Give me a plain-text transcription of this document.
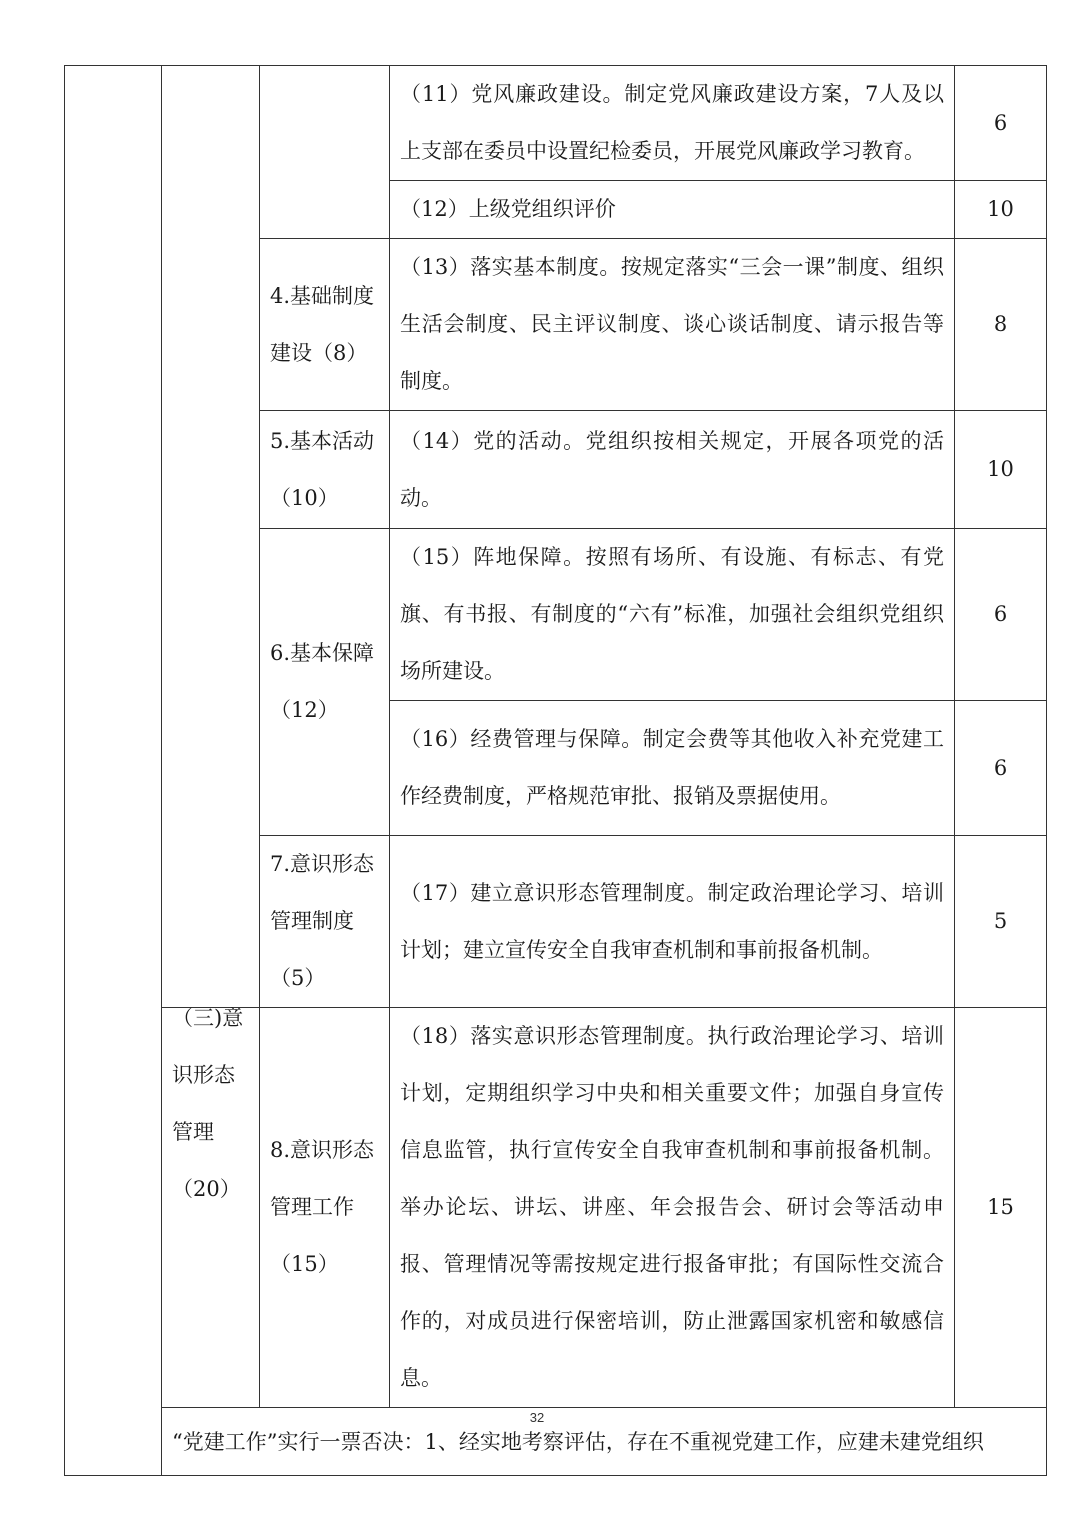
			（11）党风廉政建设。制定党风廉政建设方案，7人及以上支部在委员中设置纪检委员，开展党风廉政学习教育。	6

			（12）上级党组织评价	10

		4.基础制度建设（8）	（13）落实基本制度。按规定落实“三会一课”制度、组织生活会制度、民主评议制度、谈心谈话制度、请示报告等制度。	8

		5.基本活动（10）	（14）党的活动。党组织按相关规定，开展各项党的活动。	10

		6.基本保障（12）	（15）阵地保障。按照有场所、有设施、有标志、有党旗、有书报、有制度的“六有”标准，加强社会组织党组织场所建设。	6

			（16）经费管理与保障。制定会费等其他收入补充党建工作经费制度，严格规范审批、报销及票据使用。	6

		7.意识形态管理制度（5）	（17）建立意识形态管理制度。制定政治理论学习、培训计划；建立宣传安全自我审查机制和事前报备机制。	5

	（三)意识形态管理（20）	8.意识形态管理工作（15）	（18）落实意识形态管理制度。执行政治理论学习、培训计划，定期组织学习中央和相关重要文件；加强自身宣传信息监管，执行宣传安全自我审查机制和事前报备机制。举办论坛、讲坛、讲座、年会报告会、研讨会等活动申报、管理情况等需按规定进行报备审批；有国际性交流合作的，对成员进行保密培训，防止泄露国家机密和敏感信息。	15

	“党建工作”实行一票否决：1、经实地考察评估，存在不重视党建工作，应建未建党组织			
32
